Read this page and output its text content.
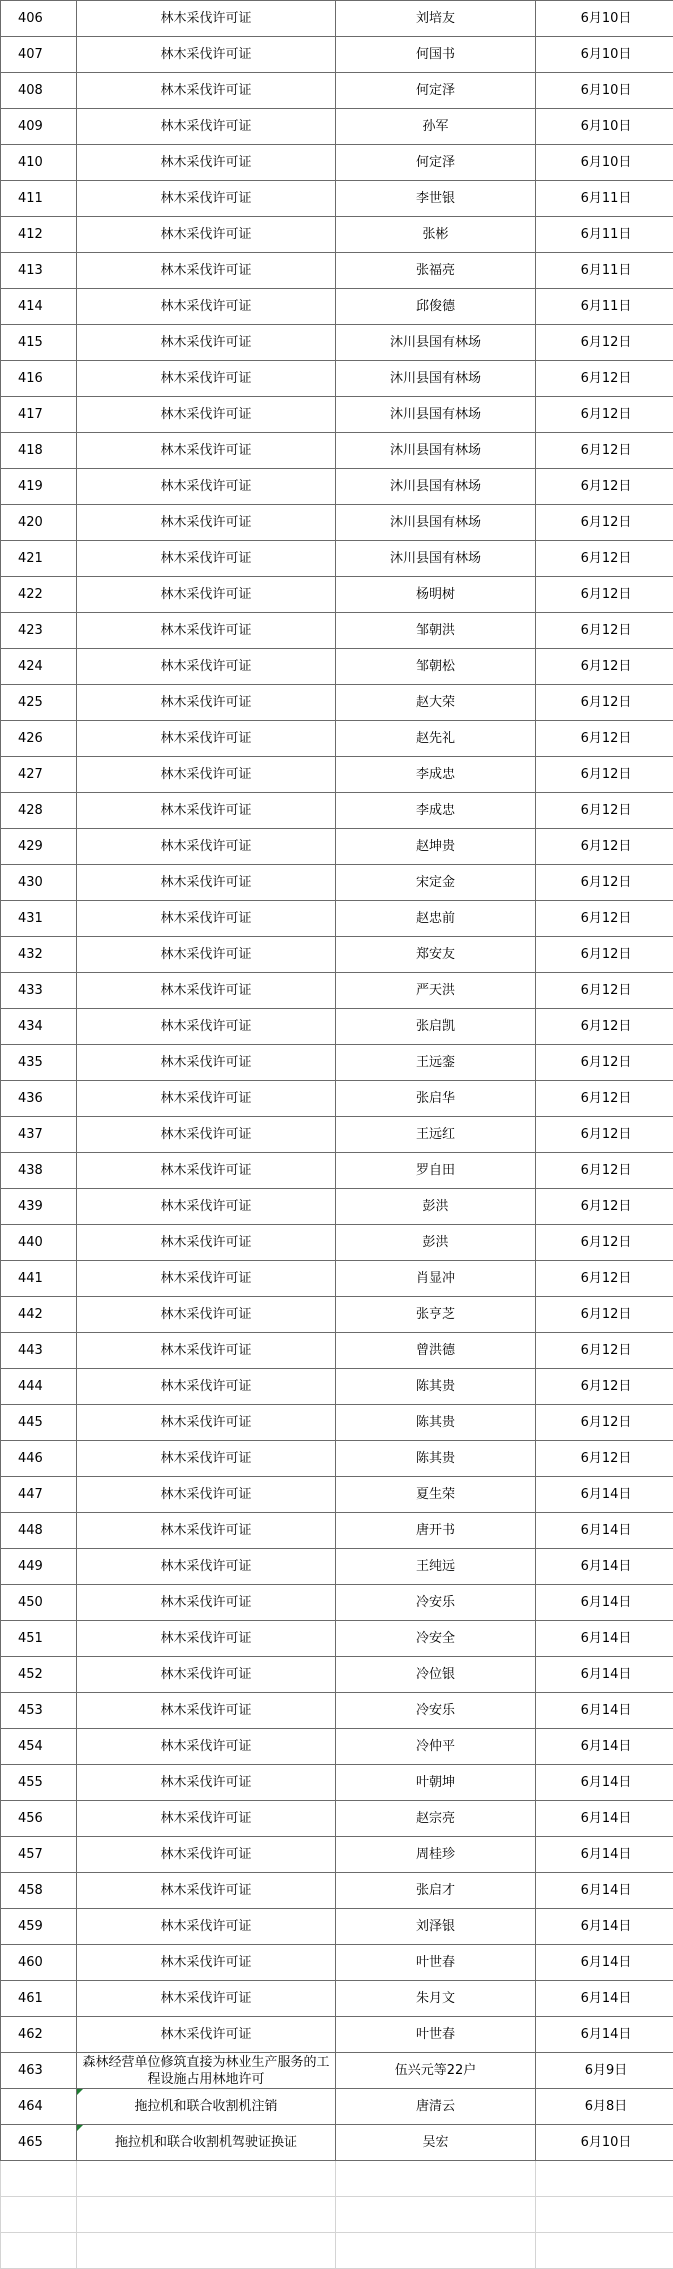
406	林木采伐许可证	刘培友	6月10日	
407	林木采伐许可证	何国书	6月10日	
408	林木采伐许可证	何定泽	6月10日	
409	林木采伐许可证	孙军	6月10日	
410	林木采伐许可证	何定泽	6月10日	
411	林木采伐许可证	李世银	6月11日	
412	林木采伐许可证	张彬	6月11日	
413	林木采伐许可证	张福亮	6月11日	
414	林木采伐许可证	邱俊德	6月11日	
415	林木采伐许可证	沐川县国有林场	6月12日	
416	林木采伐许可证	沐川县国有林场	6月12日	
417	林木采伐许可证	沐川县国有林场	6月12日	
418	林木采伐许可证	沐川县国有林场	6月12日	
419	林木采伐许可证	沐川县国有林场	6月12日	
420	林木采伐许可证	沐川县国有林场	6月12日	
421	林木采伐许可证	沐川县国有林场	6月12日	
422	林木采伐许可证	杨明树	6月12日	
423	林木采伐许可证	邹朝洪	6月12日	
424	林木采伐许可证	邹朝松	6月12日	
425	林木采伐许可证	赵大荣	6月12日	
426	林木采伐许可证	赵先礼	6月12日	
427	林木采伐许可证	李成忠	6月12日	
428	林木采伐许可证	李成忠	6月12日	
429	林木采伐许可证	赵坤贵	6月12日	
430	林木采伐许可证	宋定金	6月12日	
431	林木采伐许可证	赵忠前	6月12日	
432	林木采伐许可证	郑安友	6月12日	
433	林木采伐许可证	严天洪	6月12日	
434	林木采伐许可证	张启凯	6月12日	
435	林木采伐许可证	王远銮	6月12日	
436	林木采伐许可证	张启华	6月12日	
437	林木采伐许可证	王远红	6月12日	
438	林木采伐许可证	罗自田	6月12日	
439	林木采伐许可证	彭洪	6月12日	
440	林木采伐许可证	彭洪	6月12日	
441	林木采伐许可证	肖显冲	6月12日	
442	林木采伐许可证	张亨芝	6月12日	
443	林木采伐许可证	曾洪德	6月12日	
444	林木采伐许可证	陈其贵	6月12日	
445	林木采伐许可证	陈其贵	6月12日	
446	林木采伐许可证	陈其贵	6月12日	
447	林木采伐许可证	夏生荣	6月14日	
448	林木采伐许可证	唐开书	6月14日	
449	林木采伐许可证	王纯远	6月14日	
450	林木采伐许可证	冷安乐	6月14日	
451	林木采伐许可证	冷安全	6月14日	
452	林木采伐许可证	冷位银	6月14日	
453	林木采伐许可证	冷安乐	6月14日	
454	林木采伐许可证	冷仲平	6月14日	
455	林木采伐许可证	叶朝坤	6月14日	
456	林木采伐许可证	赵宗亮	6月14日	
457	林木采伐许可证	周桂珍	6月14日	
458	林木采伐许可证	张启才	6月14日	
459	林木采伐许可证	刘泽银	6月14日	
460	林木采伐许可证	叶世春	6月14日	
461	林木采伐许可证	朱月文	6月14日	
462	林木采伐许可证	叶世春	6月14日	
463	森林经营单位修筑直接为林业生产服务的工程设施占用林地许可	伍兴元等22户	6月9日	
464	拖拉机和联合收割机注销	唐清云	6月8日	
465	拖拉机和联合收割机驾驶证换证	吴宏	6月10日	
